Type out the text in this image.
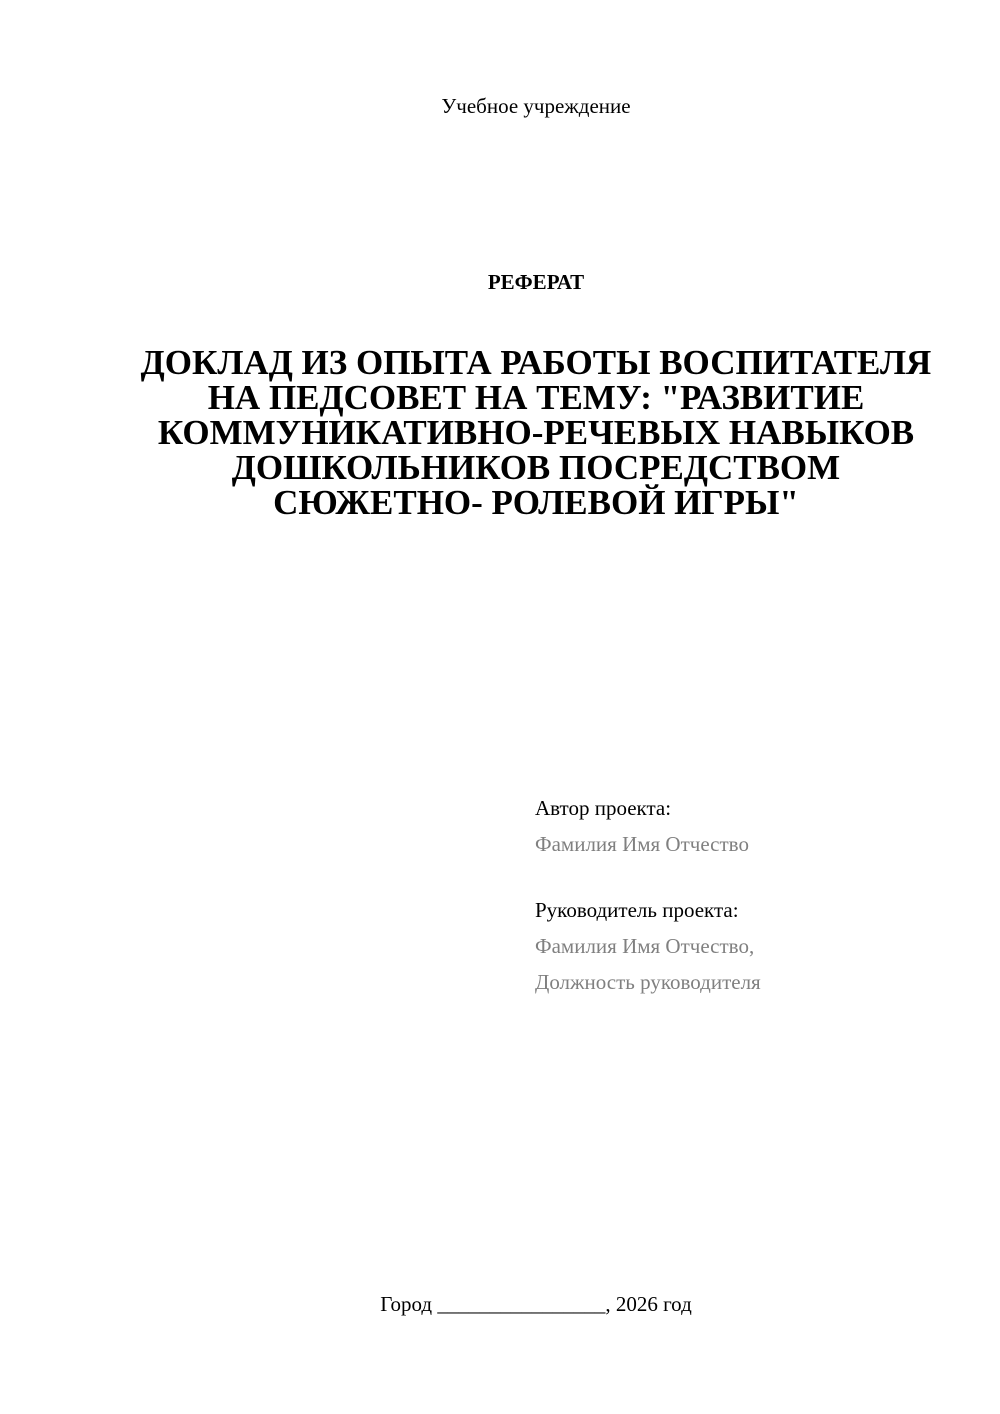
Учебное учреждение
РЕФЕРАТ
ДОКЛАД ИЗ ОПЫТА РАБОТЫ ВОСПИТАТЕЛЯ НА ПЕДСОВЕТ НА ТЕМУ: "РАЗВИТИЕ КОММУНИКАТИВНО-РЕЧЕВЫХ НАВЫКОВ ДОШКОЛЬНИКОВ ПОСРЕДСТВОМ СЮЖЕТНО- РОЛЕВОЙ ИГРЫ"
Автор проекта:
Фамилия Имя Отчество
Руководитель проекта:
Фамилия Имя Отчество,
Должность руководителя
Город ________________, 2026 год
